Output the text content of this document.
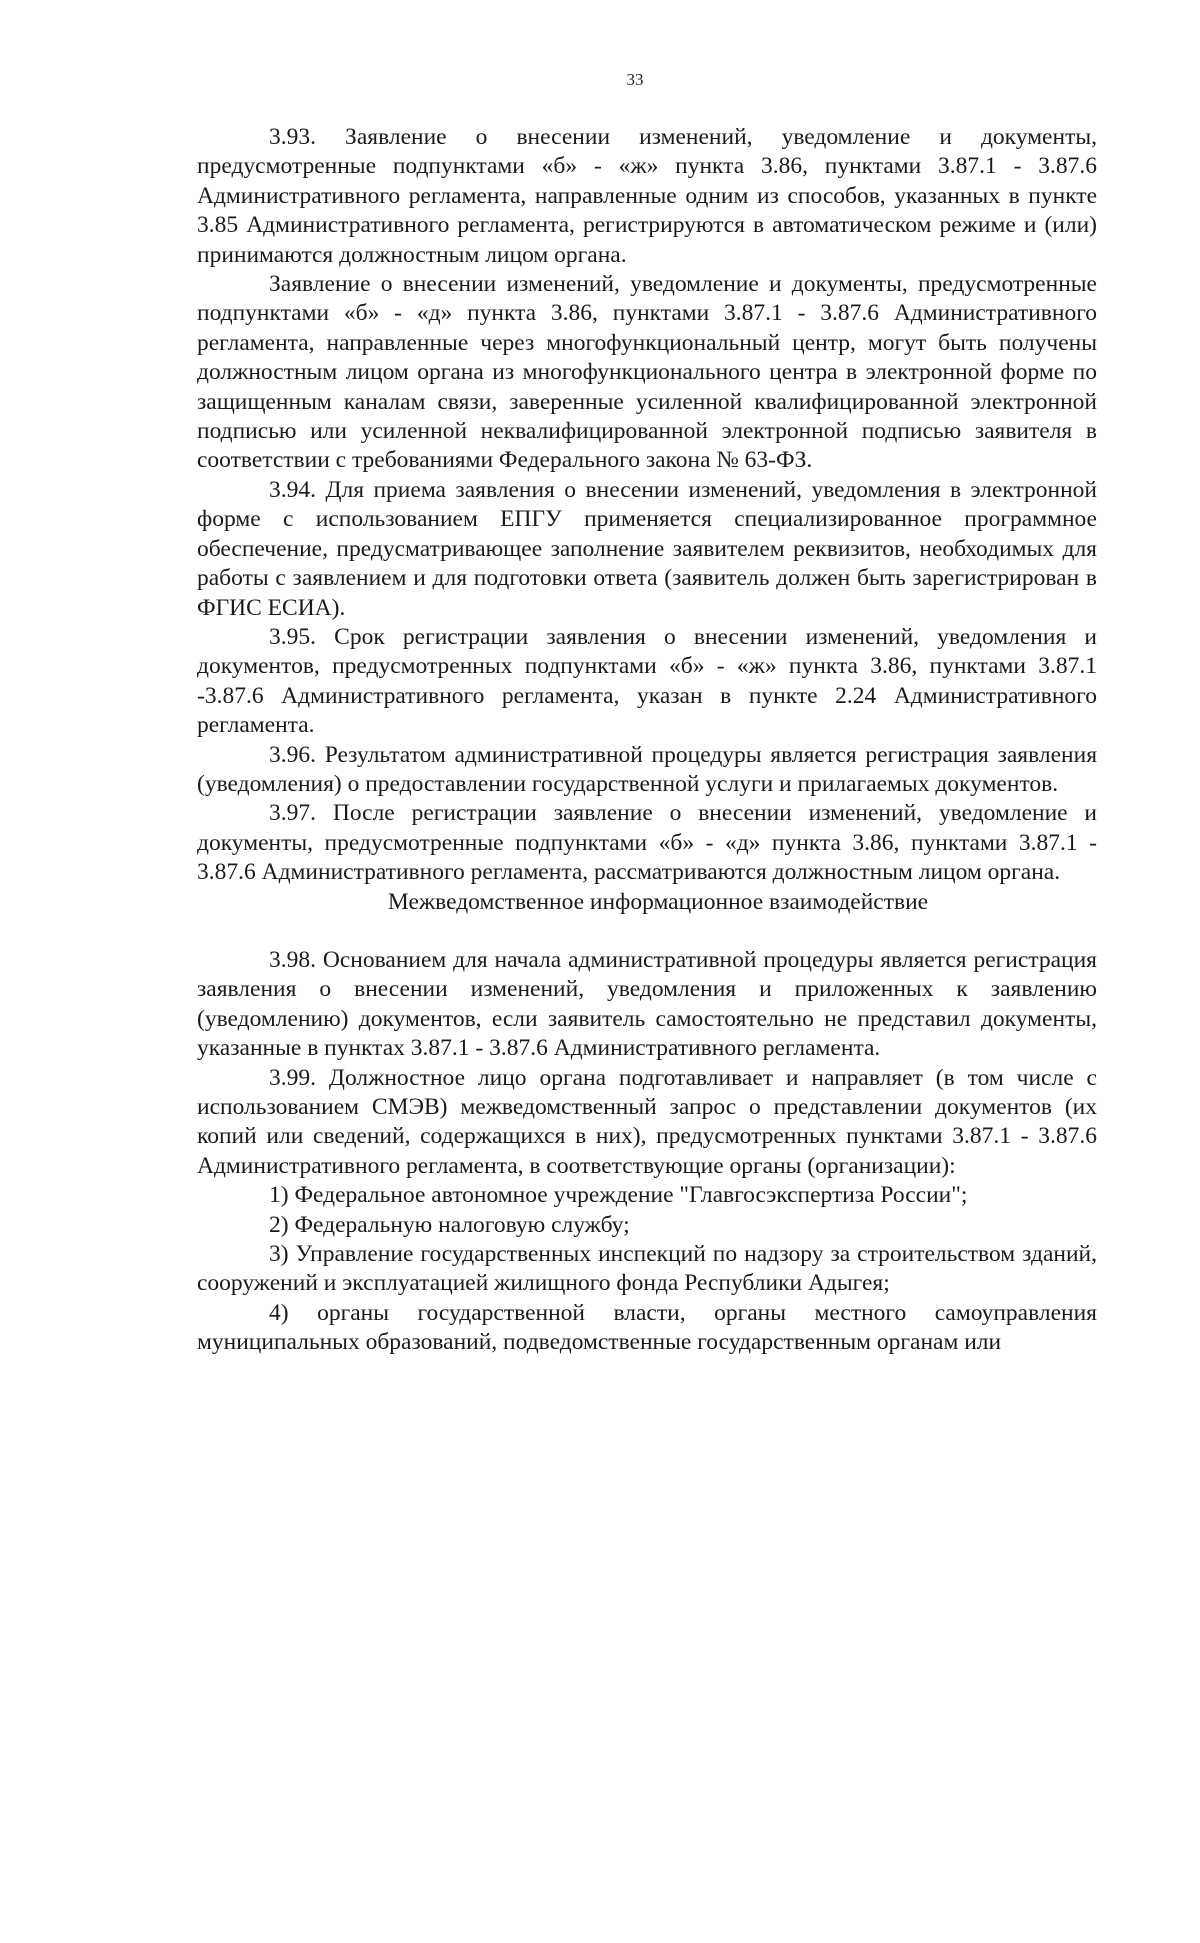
33

3.93. Заявление о внесении изменений, уведомление и документы, предусмотренные подпунктами «б» - «ж» пункта 3.86, пунктами 3.87.1 - 3.87.6 Административного регламента, направленные одним из способов, указанных в пункте 3.85 Административного регламента, регистрируются в автоматическом режиме и (или) принимаются должностным лицом органа.

Заявление о внесении изменений, уведомление и документы, предусмотренные подпунктами «б» - «д» пункта 3.86, пунктами 3.87.1 - 3.87.6 Административного регламента, направленные через многофункциональный центр, могут быть получены должностным лицом органа из многофункционального центра в электронной форме по защищенным каналам связи, заверенные усиленной квалифицированной электронной подписью или усиленной неквалифицированной электронной подписью заявителя в соответствии с требованиями Федерального закона № 63-ФЗ.

3.94. Для приема заявления о внесении изменений, уведомления в электронной форме с использованием ЕПГУ применяется специализированное программное обеспечение, предусматривающее заполнение заявителем реквизитов, необходимых для работы с заявлением и для подготовки ответа (заявитель должен быть зарегистрирован в ФГИС ЕСИА).

3.95. Срок регистрации заявления о внесении изменений, уведомления и документов, предусмотренных подпунктами «б» - «ж» пункта 3.86, пунктами 3.87.1 -3.87.6 Административного регламента, указан в пункте 2.24 Административного регламента.

3.96. Результатом административной процедуры является регистрация заявления (уведомления) о предоставлении государственной услуги и прилагаемых документов.

3.97. После регистрации заявление о внесении изменений, уведомление и документы, предусмотренные подпунктами «б» - «д» пункта 3.86, пунктами 3.87.1 - 3.87.6 Административного регламента, рассматриваются должностным лицом органа.

Межведомственное информационное взаимодействие

3.98. Основанием для начала административной процедуры является регистрация заявления о внесении изменений, уведомления и приложенных к заявлению (уведомлению) документов, если заявитель самостоятельно не представил документы, указанные в пунктах 3.87.1 - 3.87.6 Административного регламента.

3.99. Должностное лицо органа подготавливает и направляет (в том числе с использованием СМЭВ) межведомственный запрос о представлении документов (их копий или сведений, содержащихся в них), предусмотренных пунктами 3.87.1 - 3.87.6 Административного регламента, в соответствующие органы (организации):

1) Федеральное автономное учреждение "Главгосэкспертиза России";

2) Федеральную налоговую службу;

3) Управление государственных инспекций по надзору за строительством зданий, сооружений и эксплуатацией жилищного фонда Республики Адыгея;

4) органы государственной власти, органы местного самоуправления муниципальных образований, подведомственные государственным органам или
